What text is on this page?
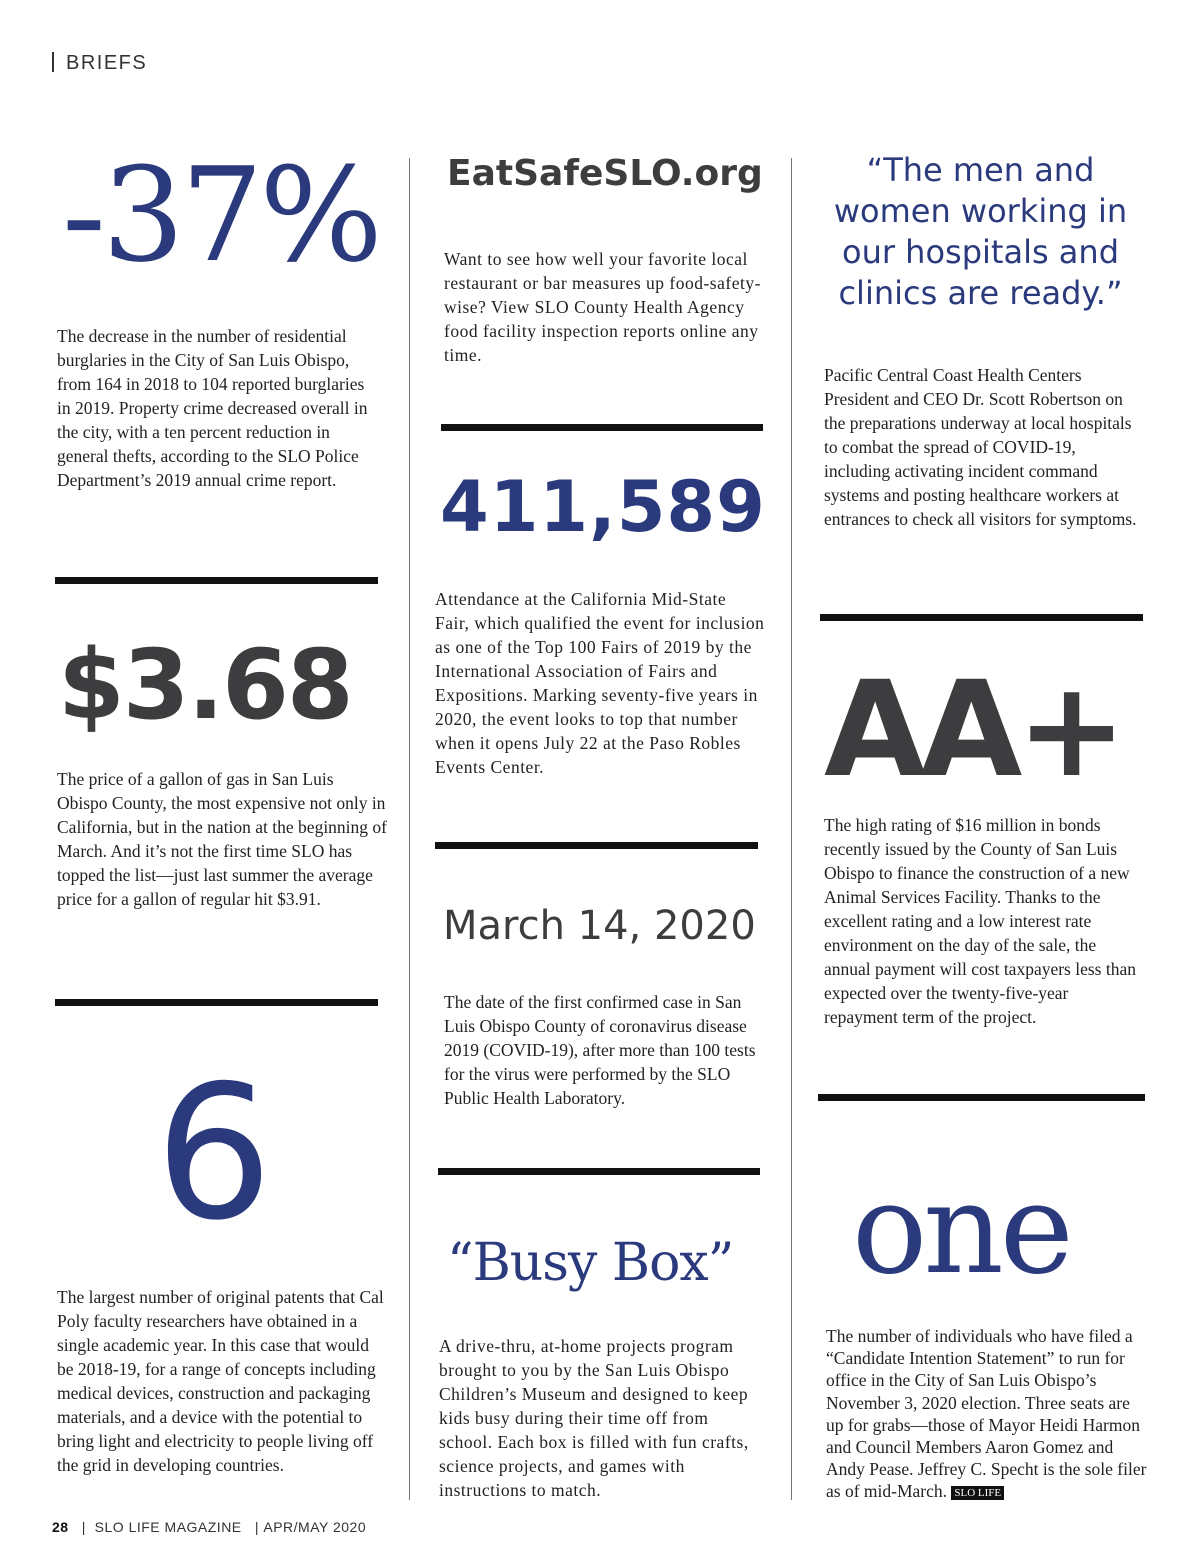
BRIEFS
-37%
The decrease in the number of residential burglaries in the City of San Luis Obispo, from 164 in 2018 to 104 reported burglaries in 2019. Property crime decreased overall in the city, with a ten percent reduction in general thefts, according to the SLO Police Department’s 2019 annual crime report.
$3.68
The price of a gallon of gas in San Luis Obispo County, the most expensive not only in California, but in the nation at the beginning of March. And it’s not the first time SLO has topped the list—just last summer the average price for a gallon of regular hit $3.91.
6
The largest number of original patents that Cal Poly faculty researchers have obtained in a single academic year. In this case that would be 2018-19, for a range of concepts including medical devices, construction and packaging materials, and a device with the potential to bring light and electricity to people living off the grid in developing countries.
EatSafeSLO.org
Want to see how well your favorite local restaurant or bar measures up food-safety-wise? View SLO County Health Agency food facility inspection reports online any time.
411,589
Attendance at the California Mid-State Fair, which qualified the event for inclusion as one of the Top 100 Fairs of 2019 by the International Association of Fairs and Expositions. Marking seventy-five years in 2020, the event looks to top that number when it opens July 22 at the Paso Robles Events Center.
March 14, 2020
The date of the first confirmed case in San Luis Obispo County of coronavirus disease 2019 (COVID-19), after more than 100 tests for the virus were performed by the SLO Public Health Laboratory.
“Busy Box”
A drive-thru, at-home projects program brought to you by the San Luis Obispo Children’s Museum and designed to keep kids busy during their time off from school. Each box is filled with fun crafts, science projects, and games with instructions to match.
“The men and women working in our hospitals and clinics are ready.”
Pacific Central Coast Health Centers President and CEO Dr. Scott Robertson on the preparations underway at local hospitals to combat the spread of COVID-19, including activating incident command systems and posting healthcare workers at entrances to check all visitors for symptoms.
AA+
The high rating of $16 million in bonds recently issued by the County of San Luis Obispo to finance the construction of a new Animal Services Facility. Thanks to the excellent rating and a low interest rate environment on the day of the sale, the annual payment will cost taxpayers less than expected over the twenty-five-year repayment term of the project.
one
The number of individuals who have filed a “Candidate Intention Statement” to run for office in the City of San Luis Obispo’s November 3, 2020 election. Three seats are up for grabs—those of Mayor Heidi Harmon and Council Members Aaron Gomez and Andy Pease. Jeffrey C. Specht is the sole filer as of mid-March. SLO LIFE
28   |  SLO LIFE MAGAZINE   | APR/MAY 2020
